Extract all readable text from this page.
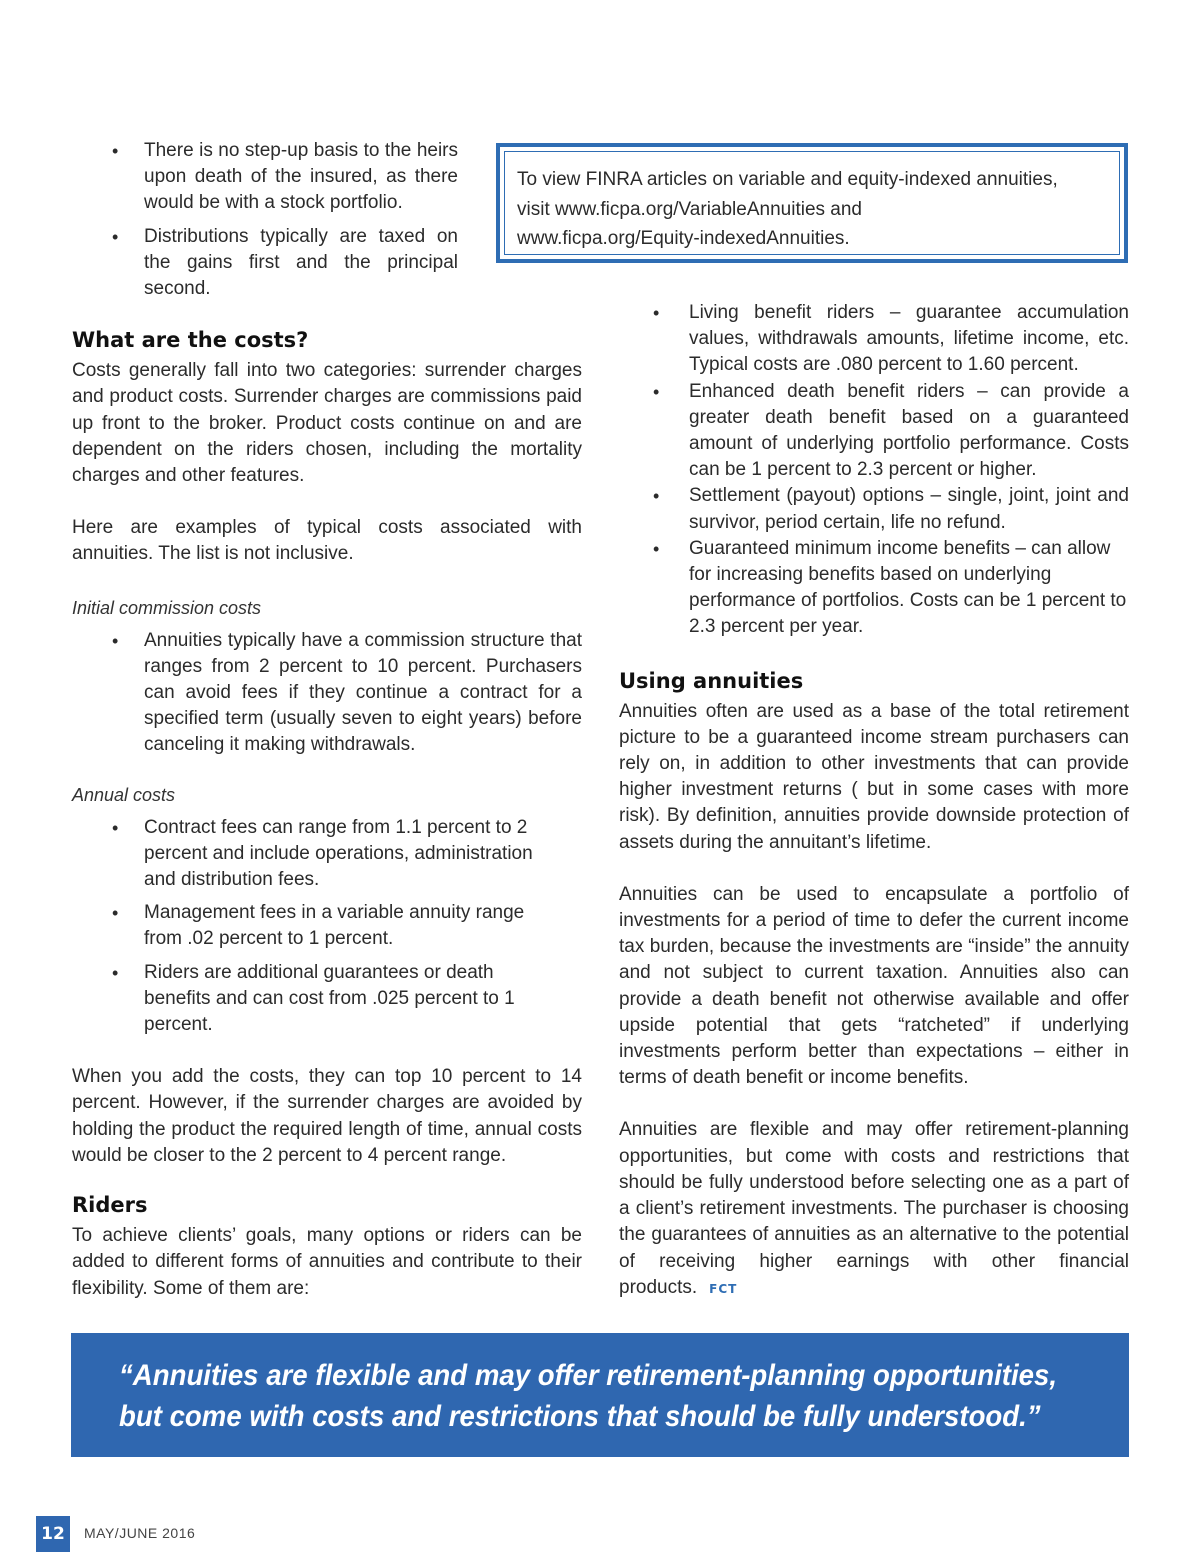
To view FINRA articles on variable and equity-indexed annuities,
visit www.ficpa.org/VariableAnnuities and
www.ficpa.org/Equity-indexedAnnuities.
• There is no step-up basis to the heirs upon death of the insured, as there would be with a stock portfolio.
• Distributions typically are taxed on the gains first and the principal second.
What are the costs?

Costs generally fall into two categories: surrender charges and product costs. Surrender charges are commissions paid up front to the broker. Product costs continue on and are dependent on the riders chosen, including the mortality charges and other features.

Here are examples of typical costs associated with annuities. The list is not inclusive.

Initial commission costs
• Annuities typically have a commission structure that ranges from 2 percent to 10 percent. Purchasers can avoid fees if they continue a contract for a specified term (usually seven to eight years) before canceling it making withdrawals.
Annual costs
• Contract fees can range from 1.1 percent to 2 percent and include operations, administration and distribution fees.
• Management fees in a variable annuity range from .02 percent to 1 percent.
• Riders are additional guarantees or death benefits and can cost from .025 percent to 1 percent.

When you add the costs, they can top 10 percent to 14 percent. However, if the surrender charges are avoided by holding the product the required length of time, annual costs would be closer to the 2 percent to 4 percent range.

Riders

To achieve clients’ goals, many options or riders can be added to different forms of annuities and contribute to their flexibility. Some of them are:

• Living benefit riders – guarantee accumulation values, withdrawals amounts, lifetime income, etc. Typical costs are .080 percent to 1.60 percent.
• Enhanced death benefit riders – can provide a greater death benefit based on a guaranteed amount of underlying portfolio performance. Costs can be 1 percent to 2.3 percent or higher.
• Settlement (payout) options – single, joint, joint and survivor, period certain, life no refund.
• Guaranteed minimum income benefits – can allow for increasing benefits based on underlying performance of portfolios. Costs can be 1 percent to 2.3 percent per year.
Using annuities

Annuities often are used as a base of the total retirement picture to be a guaranteed income stream purchasers can rely on, in addition to other investments that can provide higher investment returns ( but in some cases with more risk). By definition, annuities provide downside protection of assets during the annuitant’s lifetime.

Annuities can be used to encapsulate a portfolio of investments for a period of time to defer the current income tax burden, because the investments are “inside” the annuity and not subject to current taxation. Annuities also can provide a death benefit not otherwise available and offer upside potential that gets “ratcheted” if underlying investments perform better than expectations – either in terms of death benefit or income benefits.

Annuities are flexible and may offer retirement-planning opportunities, but come with costs and restrictions that should be fully understood before selecting one as a part of a client’s retirement investments. The purchaser is choosing the guarantees of annuities as an alternative to the potential of receiving higher earnings with other financial products. FCT

“Annuities are flexible and may offer retirement-planning opportunities,
but come with costs and restrictions that should be fully understood.”
12	MAY/JUNE 2016
